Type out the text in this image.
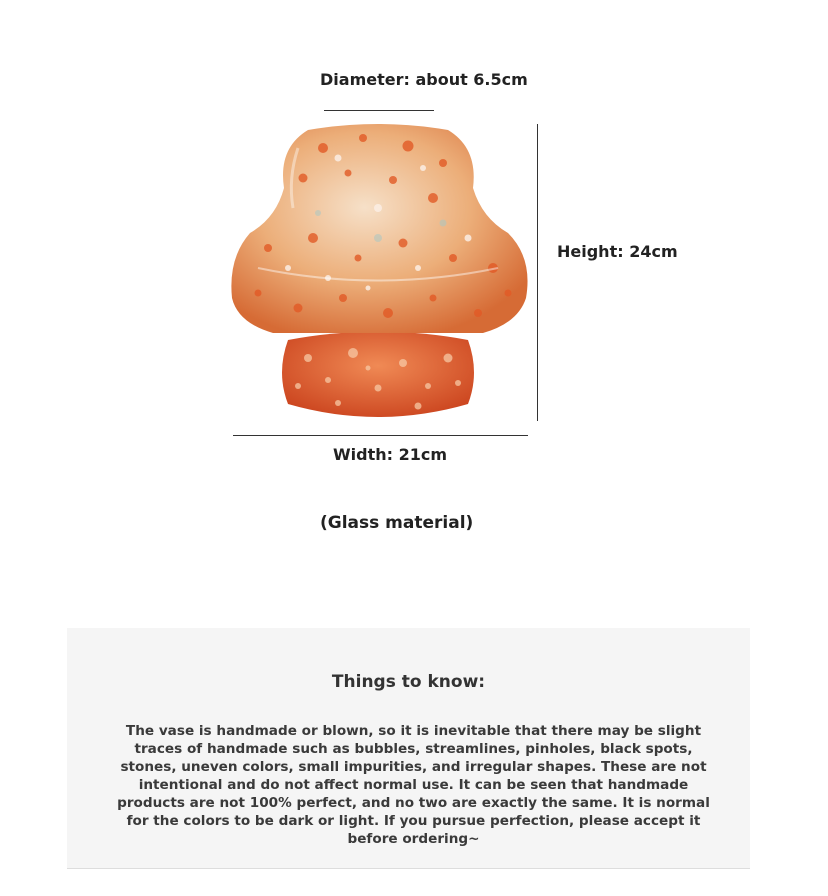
Diameter: about 6.5cm
Height: 24cm
Width: 21cm
(Glass material)
Things to know:
The vase is handmade or blown, so it is inevitable that there may be slight traces of handmade such as bubbles, streamlines, pinholes, black spots, stones, uneven colors, small impurities, and irregular shapes. These are not intentional and do not affect normal use. It can be seen that handmade products are not 100% perfect, and no two are exactly the same. It is normal for the colors to be dark or light. If you pursue perfection, please accept it before ordering~
